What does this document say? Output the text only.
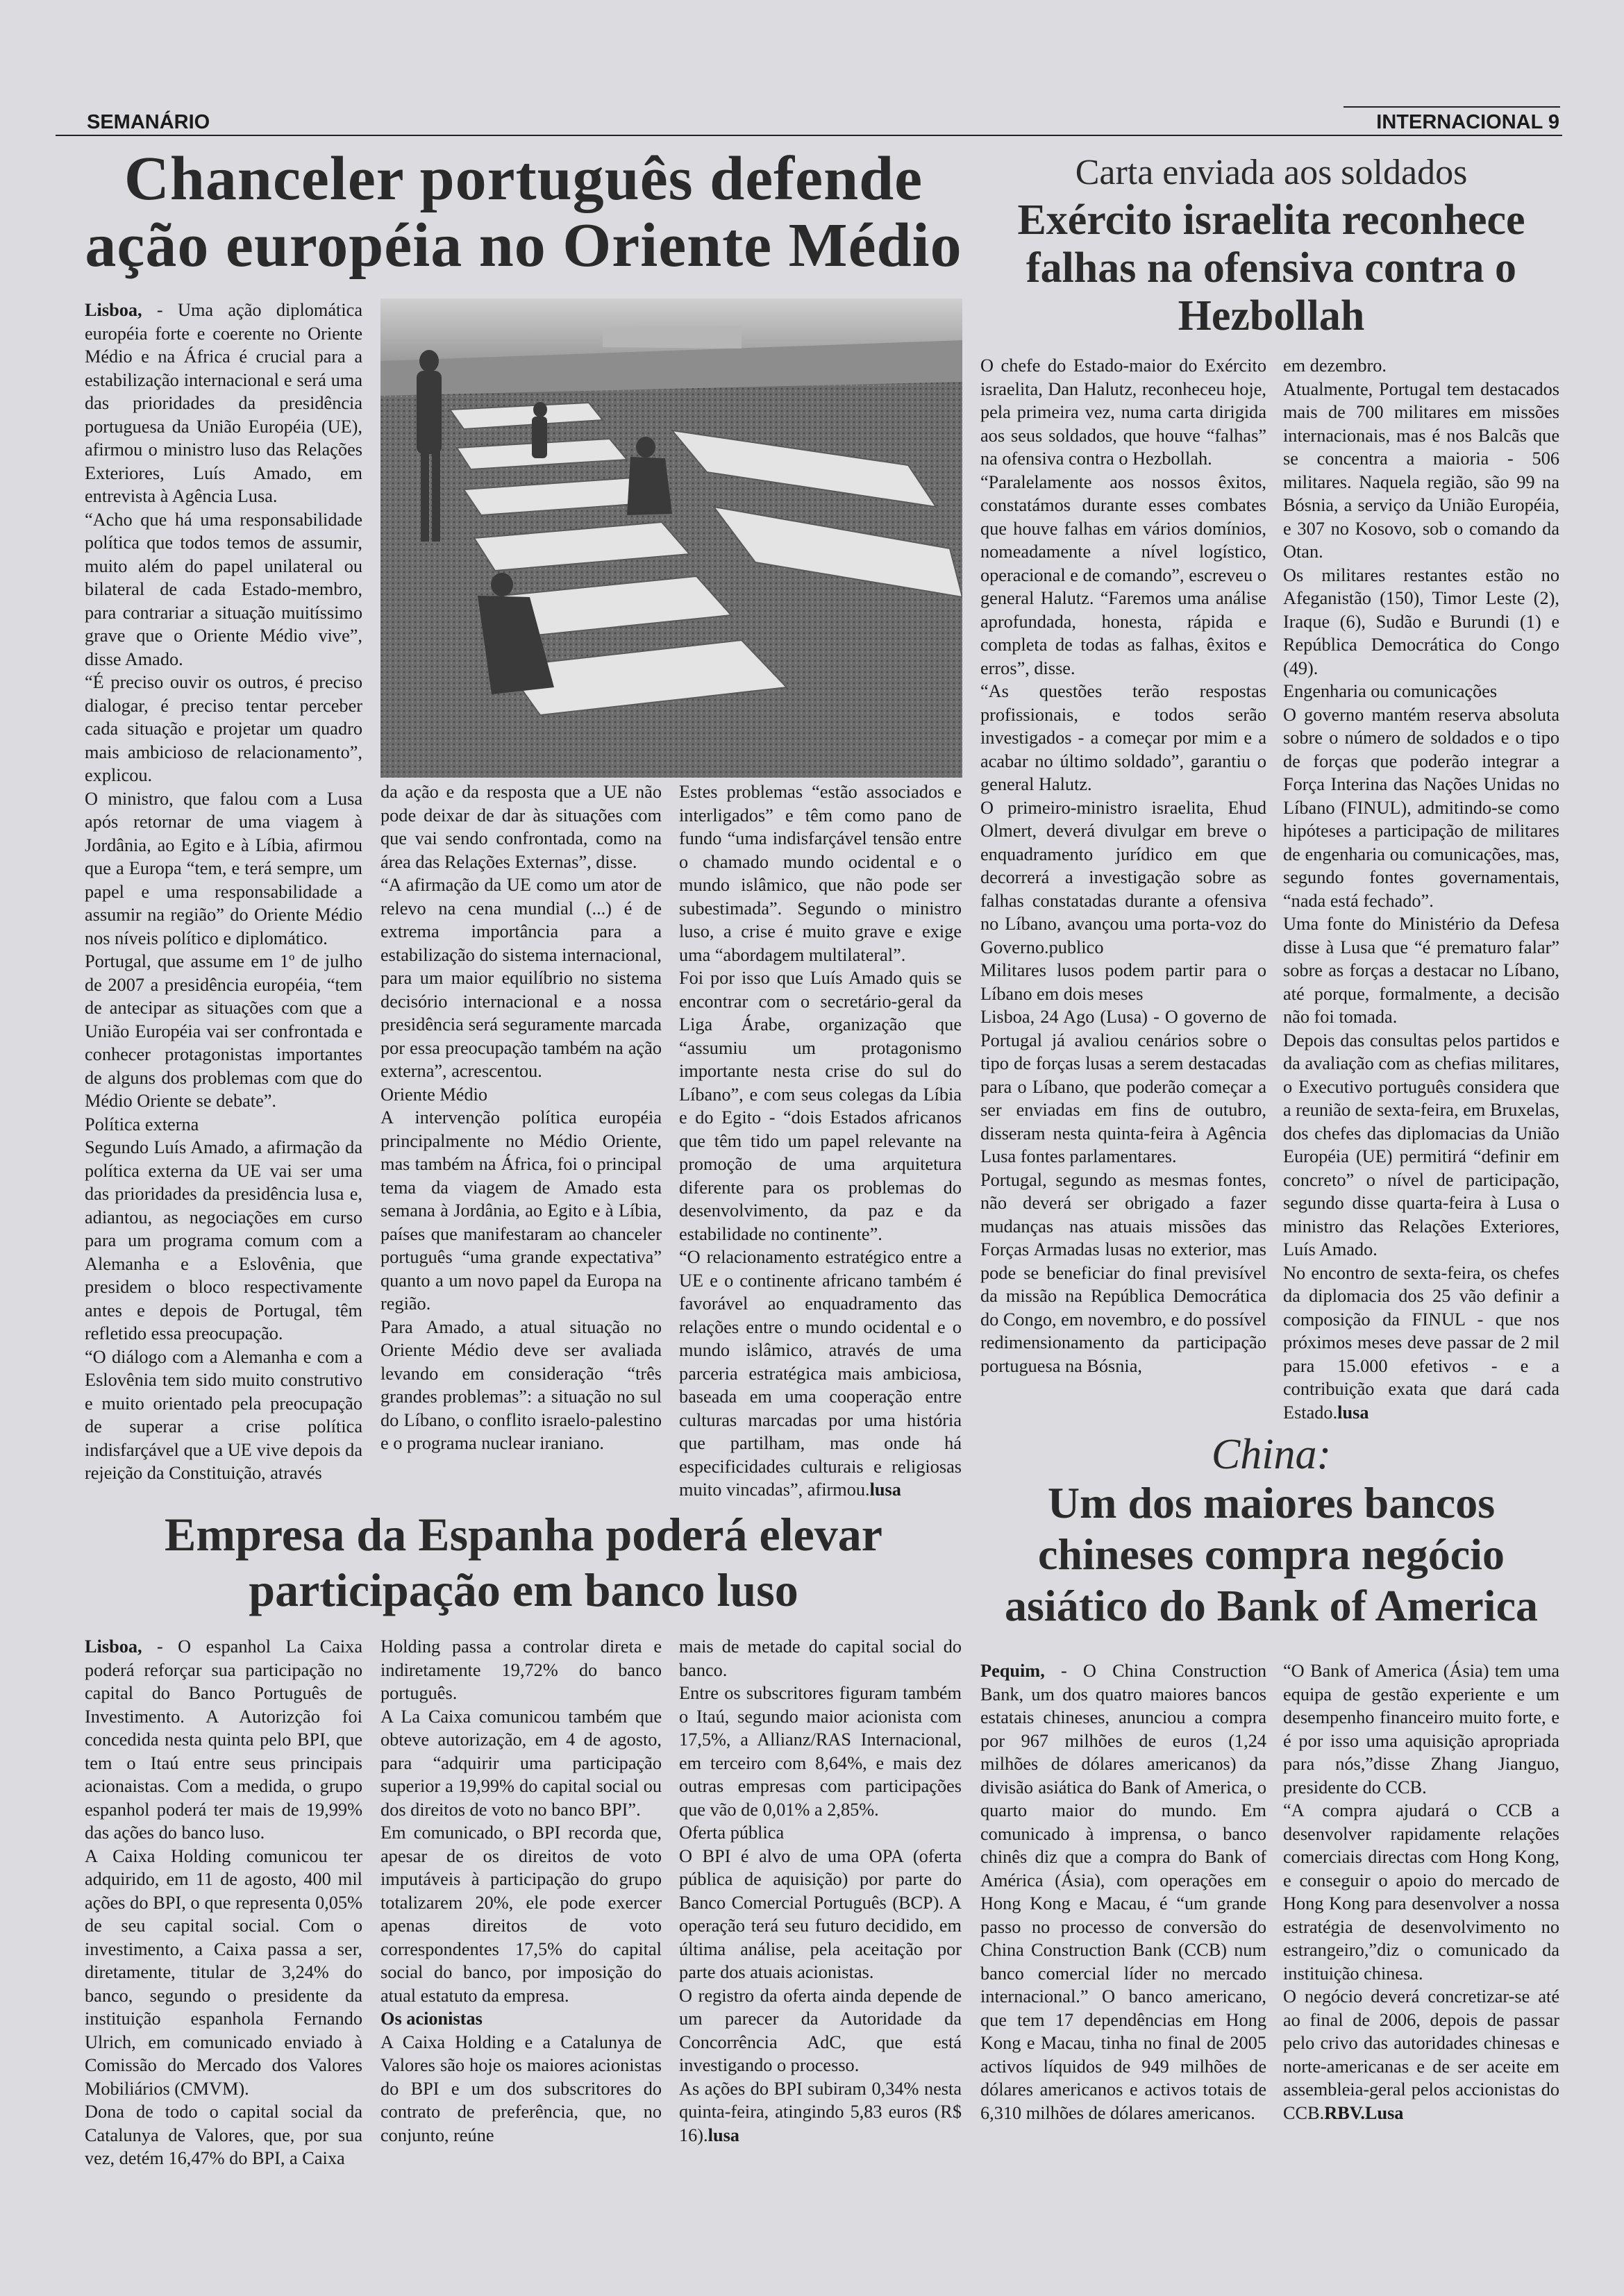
SEMANÁRIO	INTERNACIONAL 9
Chanceler português defende
ação européia no Oriente Médio

Lisboa, - Uma ação diplomática européia forte e coerente no Oriente Médio e na África é crucial para a estabilização internacional e será uma das prioridades da presidência portuguesa da União Européia (UE), afirmou o ministro luso das Relações Exteriores, Luís Amado, em entrevista à Agência Lusa.

“Acho que há uma responsabilidade política que todos temos de assumir, muito além do papel unilateral ou bilateral de cada Estado-membro, para contrariar a situação muitíssimo grave que o Oriente Médio vive”, disse Amado.

“É preciso ouvir os outros, é preciso dialogar, é preciso tentar perceber cada situação e projetar um quadro mais ambicioso de relacionamento”, explicou.

O ministro, que falou com a Lusa após retornar de uma viagem à Jordânia, ao Egito e à Líbia, afirmou que a Europa “tem, e terá sempre, um papel e uma responsabilidade a assumir na região” do Oriente Médio nos níveis político e diplomático.

Portugal, que assume em 1º de julho de 2007 a presidência européia, “tem de antecipar as situações com que a União Européia vai ser confrontada e conhecer protagonistas importantes de alguns dos problemas com que do Médio Oriente se debate”.

Política externa

Segundo Luís Amado, a afirmação da política externa da UE vai ser uma das prioridades da presidência lusa e, adiantou, as negociações em curso para um programa comum com a Alemanha e a Eslovênia, que presidem o bloco respectivamente antes e depois de Portugal, têm refletido essa preocupação.

“O diálogo com a Alemanha e com a Eslovênia tem sido muito construtivo e muito orientado pela preocupação de superar a crise política indisfarçável que a UE vive depois da rejeição da Constituição, através

da ação e da resposta que a UE não pode deixar de dar às situações com que vai sendo confrontada, como na área das Relações Externas”, disse.

“A afirmação da UE como um ator de relevo na cena mundial (...) é de extrema importância para a estabilização do sistema internacional, para um maior equilíbrio no sistema decisório internacional e a nossa presidência será seguramente marcada por essa preocupação também na ação externa”, acrescentou.

Oriente Médio

A intervenção política européia principalmente no Médio Oriente, mas também na África, foi o principal tema da viagem de Amado esta semana à Jordânia, ao Egito e à Líbia, países que manifestaram ao chanceler português “uma grande expectativa” quanto a um novo papel da Europa na região.

Para Amado, a atual situação no Oriente Médio deve ser avaliada levando em consideração “três grandes problemas”: a situação no sul do Líbano, o conflito israelo-palestino e o programa nuclear iraniano.

Estes problemas “estão associados e interligados” e têm como pano de fundo “uma indisfarçável tensão entre o chamado mundo ocidental e o mundo islâmico, que não pode ser subestimada”. Segundo o ministro luso, a crise é muito grave e exige uma “abordagem multilateral”.

Foi por isso que Luís Amado quis se encontrar com o secretário-geral da Liga Árabe, organização que “assumiu um protagonismo importante nesta crise do sul do Líbano”, e com seus colegas da Líbia e do Egito - “dois Estados africanos que têm tido um papel relevante na promoção de uma arquitetura diferente para os problemas do desenvolvimento, da paz e da estabilidade no continente”.

“O relacionamento estratégico entre a UE e o continente africano também é favorável ao enquadramento das relações entre o mundo ocidental e o mundo islâmico, através de uma parceria estratégica mais ambiciosa, baseada em uma cooperação entre culturas marcadas por uma história que partilham, mas onde há especificidades culturais e religiosas muito vincadas”, afirmou.lusa

Carta enviada aos soldados
Exército israelita reconhece
falhas na ofensiva contra o
Hezbollah

O chefe do Estado-maior do Exército israelita, Dan Halutz, reconheceu hoje, pela primeira vez, numa carta dirigida aos seus soldados, que houve “falhas” na ofensiva contra o Hezbollah.

“Paralelamente aos nossos êxitos, constatámos durante esses combates que houve falhas em vários domínios, nomeadamente a nível logístico, operacional e de comando”, escreveu o general Halutz. “Faremos uma análise aprofundada, honesta, rápida e completa de todas as falhas, êxitos e erros”, disse.

“As questões terão respostas profissionais, e todos serão investigados - a começar por mim e a acabar no último soldado”, garantiu o general Halutz.

O primeiro-ministro israelita, Ehud Olmert, deverá divulgar em breve o enquadramento jurídico em que decorrerá a investigação sobre as falhas constatadas durante a ofensiva no Líbano, avançou uma porta-voz do Governo.publico

Militares lusos podem partir para o Líbano em dois meses

Lisboa, 24 Ago (Lusa) - O governo de Portugal já avaliou cenários sobre o tipo de forças lusas a serem destacadas para o Líbano, que poderão começar a ser enviadas em fins de outubro, disseram nesta quinta-feira à Agência Lusa fontes parlamentares.

Portugal, segundo as mesmas fontes, não deverá ser obrigado a fazer mudanças nas atuais missões das Forças Armadas lusas no exterior, mas pode se beneficiar do final previsível da missão na República Democrática do Congo, em novembro, e do possível redimensionamento da participação portuguesa na Bósnia,

em dezembro.

Atualmente, Portugal tem destacados mais de 700 militares em missões internacionais, mas é nos Balcãs que se concentra a maioria - 506 militares. Naquela região, são 99 na Bósnia, a serviço da União Européia, e 307 no Kosovo, sob o comando da Otan.

Os militares restantes estão no Afeganistão (150), Timor Leste (2), Iraque (6), Sudão e Burundi (1) e República Democrática do Congo (49).

Engenharia ou comunicações

O governo mantém reserva absoluta sobre o número de soldados e o tipo de forças que poderão integrar a Força Interina das Nações Unidas no Líbano (FINUL), admitindo-se como hipóteses a participação de militares de engenharia ou comunicações, mas, segundo fontes governamentais, “nada está fechado”.

Uma fonte do Ministério da Defesa disse à Lusa que “é prematuro falar” sobre as forças a destacar no Líbano, até porque, formalmente, a decisão não foi tomada.

Depois das consultas pelos partidos e da avaliação com as chefias militares, o Executivo português considera que a reunião de sexta-feira, em Bruxelas, dos chefes das diplomacias da União Européia (UE) permitirá “definir em concreto” o nível de participação, segundo disse quarta-feira à Lusa o ministro das Relações Exteriores, Luís Amado.

No encontro de sexta-feira, os chefes da diplomacia dos 25 vão definir a composição da FINUL - que nos próximos meses deve passar de 2 mil para 15.000 efetivos - e a contribuição exata que dará cada Estado.lusa

Empresa da Espanha poderá elevar
participação em banco luso

Lisboa, - O espanhol La Caixa poderá reforçar sua participação no capital do Banco Português de Investimento. A Autorizção foi concedida nesta quinta pelo BPI, que tem o Itaú entre seus principais acionaistas. Com a medida, o grupo espanhol poderá ter mais de 19,99% das ações do banco luso.

A Caixa Holding comunicou ter adquirido, em 11 de agosto, 400 mil ações do BPI, o que representa 0,05% de seu capital social. Com o investimento, a Caixa passa a ser, diretamente, titular de 3,24% do banco, segundo o presidente da instituição espanhola Fernando Ulrich, em comunicado enviado à Comissão do Mercado dos Valores Mobiliários (CMVM).

Dona de todo o capital social da Catalunya de Valores, que, por sua vez, detém 16,47% do BPI, a Caixa

Holding passa a controlar direta e indiretamente 19,72% do banco português.

A La Caixa comunicou também que obteve autorização, em 4 de agosto, para “adquirir uma participação superior a 19,99% do capital social ou dos direitos de voto no banco BPI”.

Em comunicado, o BPI recorda que, apesar de os direitos de voto imputáveis à participação do grupo totalizarem 20%, ele pode exercer apenas direitos de voto correspondentes 17,5% do capital social do banco, por imposição do atual estatuto da empresa.

Os acionistas

A Caixa Holding e a Catalunya de Valores são hoje os maiores acionistas do BPI e um dos subscritores do contrato de preferência, que, no conjunto, reúne

mais de metade do capital social do banco.

Entre os subscritores figuram também o Itaú, segundo maior acionista com 17,5%, a Allianz/RAS Internacional, em terceiro com 8,64%, e mais dez outras empresas com participações que vão de 0,01% a 2,85%.

Oferta pública

O BPI é alvo de uma OPA (oferta pública de aquisição) por parte do Banco Comercial Português (BCP). A operação terá seu futuro decidido, em última análise, pela aceitação por parte dos atuais acionistas.

O registro da oferta ainda depende de um parecer da Autoridade da Concorrência AdC, que está investigando o processo.

As ações do BPI subiram 0,34% nesta quinta-feira, atingindo 5,83 euros (R$ 16).lusa

China:
Um dos maiores bancos
chineses compra negócio
asiático do Bank of America

Pequim, - O China Construction Bank, um dos quatro maiores bancos estatais chineses, anunciou a compra por 967 milhões de euros (1,24 milhões de dólares americanos) da divisão asiática do Bank of America, o quarto maior do mundo. Em comunicado à imprensa, o banco chinês diz que a compra do Bank of América (Ásia), com operações em Hong Kong e Macau, é “um grande passo no processo de conversão do China Construction Bank (CCB) num banco comercial líder no mercado internacional.” O banco americano, que tem 17 dependências em Hong Kong e Macau, tinha no final de 2005 activos líquidos de 949 milhões de dólares americanos e activos totais de 6,310 milhões de dólares americanos.

“O Bank of America (Ásia) tem uma equipa de gestão experiente e um desempenho financeiro muito forte, e é por isso uma aquisição apropriada para nós,”disse Zhang Jianguo, presidente do CCB.

“A compra ajudará o CCB a desenvolver rapidamente relações comerciais directas com Hong Kong, e conseguir o apoio do mercado de Hong Kong para desenvolver a nossa estratégia de desenvolvimento no estrangeiro,”diz o comunicado da instituição chinesa.

O negócio deverá concretizar-se até ao final de 2006, depois de passar pelo crivo das autoridades chinesas e norte-americanas e de ser aceite em assembleia-geral pelos accionistas do CCB.RBV.Lusa
